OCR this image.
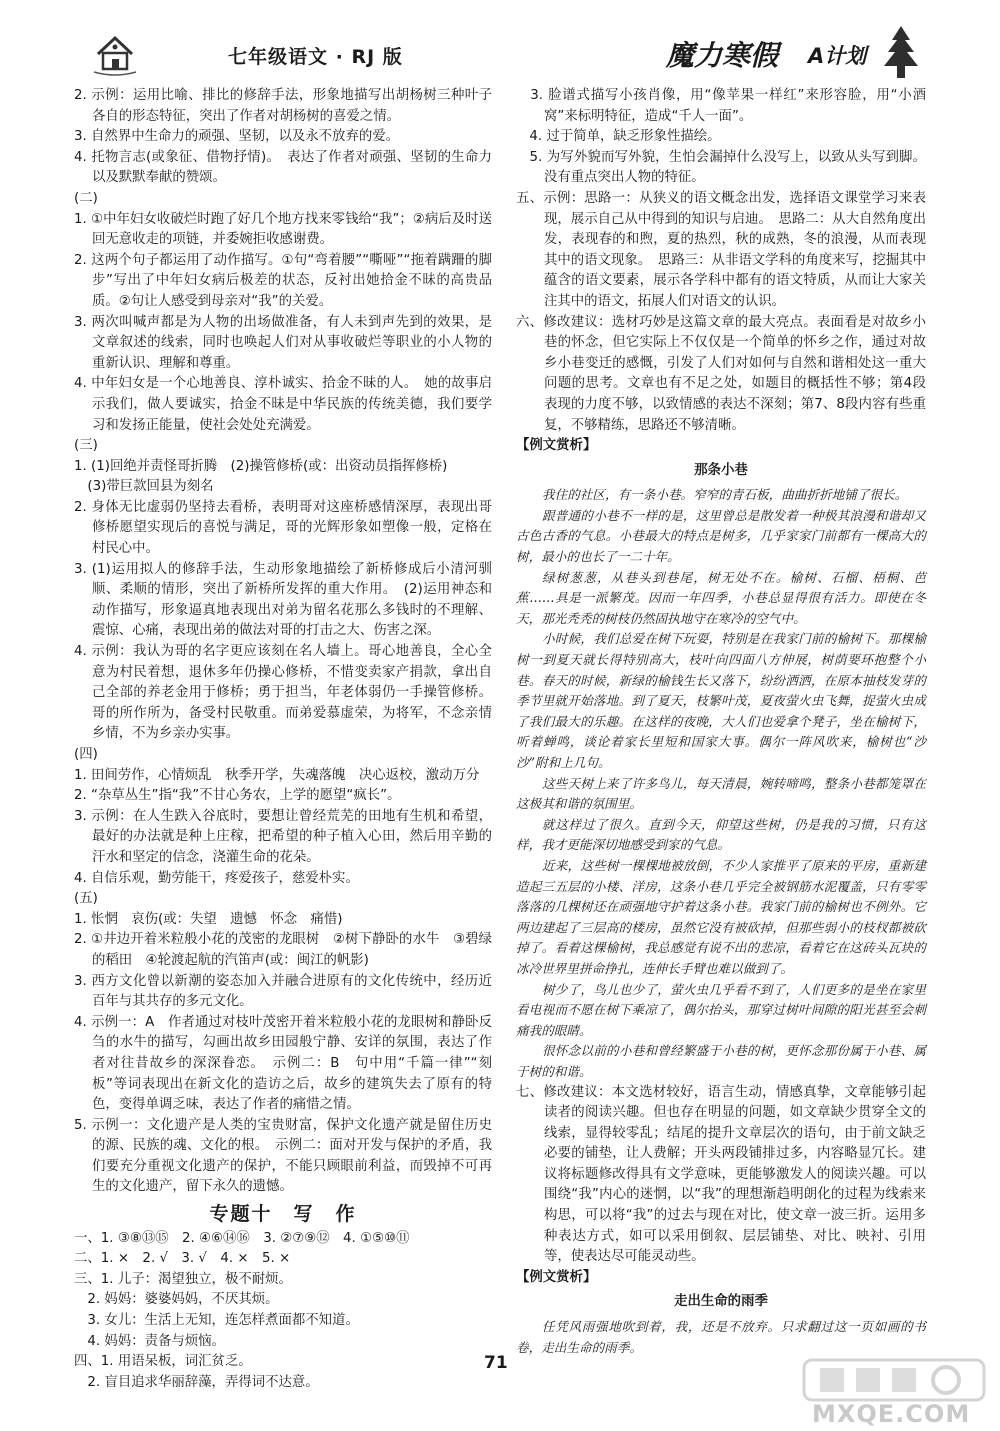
七年级语文 · RJ 版	魔力寒假 A计划
2. 示例：运用比喻、排比的修辞手法，形象地描写出胡杨树三种叶子各自的形态特征，突出了作者对胡杨树的喜爱之情。
3. 自然界中生命力的顽强、坚韧，以及永不放弃的爱。
4. 托物言志(或象征、借物抒情)。　表达了作者对顽强、坚韧的生命力以及默默奉献的赞颂。
(二)
1. ①中年妇女收破烂时跑了好几个地方找来零钱给“我”；②病后及时送回无意收走的项链，并委婉拒收感谢费。
2. 这两个句子都运用了动作描写。①句“弯着腰”“嘶哑”“拖着蹒跚的脚步”写出了中年妇女病后极差的状态，反衬出她拾金不昧的高贵品质。②句让人感受到母亲对“我”的关爱。
3. 两次叫喊声都是为人物的出场做准备，有人未到声先到的效果，是文章叙述的线索，同时也唤起人们对从事收破烂等职业的小人物的重新认识、理解和尊重。
4. 中年妇女是一个心地善良、淳朴诚实、拾金不昧的人。　她的故事启示我们，做人要诚实，拾金不昧是中华民族的传统美德，我们要学习和发扬正能量，使社会处处充满爱。
(三)
1. (1)回绝并责怪哥折腾　(2)操管修桥(或：出资动员指挥修桥)
　(3)带巨款回县为刻名
2. 身体无比虚弱仍坚持去看桥，表明哥对这座桥感情深厚，表现出哥修桥愿望实现后的喜悦与满足，哥的光辉形象如塑像一般，定格在村民心中。
3. (1)运用拟人的修辞手法，生动形象地描绘了新桥修成后小清河驯顺、柔顺的情形，突出了新桥所发挥的重大作用。　(2)运用神态和动作描写，形象逼真地表现出对弟为留名花那么多钱时的不理解、震惊、心痛，表现出弟的做法对哥的打击之大、伤害之深。
4. 示例：我认为哥的名字更应该刻在名人墙上。哥心地善良，全心全意为村民着想，退休多年仍操心修桥，不惜变卖家产捐款，拿出自己全部的养老金用于修桥；勇于担当，年老体弱仍一手操管修桥。哥的所作所为，备受村民敬重。而弟爱慕虚荣，为将军，不念亲情乡情，不为乡亲办实事。
(四)
1. 田间劳作，心情烦乱　秋季开学，失魂落魄　决心返校，激动万分
2. “杂草丛生”指“我”不甘心务农，上学的愿望“疯长”。
3. 示例：在人生跌入谷底时，要想让曾经荒芜的田地有生机和希望，最好的办法就是种上庄稼，把希望的种子植入心田，然后用辛勤的汗水和坚定的信念，浇灌生命的花朵。
4. 自信乐观，勤劳能干，疼爱孩子，慈爱朴实。
(五)
1. 怅惘　哀伤(或：失望　遗憾　怀念　痛惜)
2. ①井边开着米粒般小花的茂密的龙眼树　②树下静卧的水牛　③碧绿的稻田　④轮渡起航的汽笛声(或：闽江的帆影)
3. 西方文化曾以新潮的姿态加入并融合进原有的文化传统中，经历近百年与其共存的多元文化。
4. 示例一：A　作者通过对枝叶茂密开着米粒般小花的龙眼树和静卧反刍的水牛的描写，勾画出故乡田园般宁静、安详的氛围，表达了作者对往昔故乡的深深眷恋。　示例二：B　句中用“千篇一律”“刻板”等词表现出在新文化的造访之后，故乡的建筑失去了原有的特色，变得单调乏味，表达了作者的痛惜之情。
5. 示例一：文化遗产是人类的宝贵财富，保护文化遗产就是留住历史的源、民族的魂、文化的根。　示例二：面对开发与保护的矛盾，我们要充分重视文化遗产的保护，不能只顾眼前利益，而毁掉不可再生的文化遗产，留下永久的遗憾。
专题十　写　作
一、1. ③⑧⑬⑮　2. ④⑥⑭⑯　3. ②⑦⑨⑫　4. ①⑤⑩⑪
二、1. ×　2. √　3. √　4. ×　5. ×
三、1. 儿子：渴望独立，极不耐烦。
　2. 妈妈：婆婆妈妈，不厌其烦。
　3. 女儿：生活上无知，连怎样煮面都不知道。
　4. 妈妈：责备与烦恼。
四、1. 用语呆板，词汇贫乏。
　2. 盲目追求华丽辞藻，弄得词不达意。
　3. 脸谱式描写小孩肖像，用“像苹果一样红”来形容脸，用“小酒窝”来标明特征，造成“千人一面”。
　4. 过于简单，缺乏形象性描绘。
　5. 为写外貌而写外貌，生怕会漏掉什么没写上，以致从头写到脚。没有重点突出人物的特征。
五、示例：思路一：从狭义的语文概念出发，选择语文课堂学习来表现，展示自己从中得到的知识与启迪。　思路二：从大自然角度出发，表现春的和煦，夏的热烈，秋的成熟，冬的浪漫，从而表现其中的语文现象。　思路三：从非语文学科的角度来写，挖掘其中蕴含的语文要素，展示各学科中都有的语文特质，从而让大家关注其中的语文，拓展人们对语文的认识。
六、修改建议：选材巧妙是这篇文章的最大亮点。表面看是对故乡小巷的怀念，但它实际上不仅仅是一个简单的怀乡之作，通过对故乡小巷变迁的感慨，引发了人们对如何与自然和谐相处这一重大问题的思考。文章也有不足之处，如题目的概括性不够；第4段表现的力度不够，以致情感的表达不深刻；第7、8段内容有些重复，不够精练，思路还不够清晰。
【例文赏析】
那条小巷
我住的社区，有一条小巷。窄窄的青石板，曲曲折折地铺了很长。
跟普通的小巷不一样的是，这里曾总是散发着一种极其浪漫和谐却又古色古香的气息。小巷最大的特点是树多，几乎家家门前都有一棵高大的树，最小的也长了一二十年。
绿树葱葱，从巷头到巷尾，树无处不在。榆树、石榴、梧桐、芭蕉……具是一派繁茂。因而一年四季，小巷总显得很有活力。即使在冬天，那光秃秃的树枝仍然固执地守在寒冷的空气中。
小时候，我们总爱在树下玩耍，特别是在我家门前的榆树下。那棵榆树一到夏天就长得特别高大，枝叶向四面八方伸展，树荫要环抱整个小巷。春天的时候，新绿的榆钱生长又落下，纷纷洒洒，在原本抽枝发芽的季节里就开始落地。到了夏天，枝繁叶茂，夏夜萤火虫飞舞，捉萤火虫成了我们最大的乐趣。在这样的夜晚，大人们也爱拿个凳子，坐在榆树下，听着蝉鸣，谈论着家长里短和国家大事。偶尔一阵风吹来，榆树也“沙沙”附和上几句。
这些天树上来了许多鸟儿，每天清晨，婉转啼鸣，整条小巷都笼罩在这极其和谐的氛围里。
就这样过了很久。直到今天，仰望这些树，仍是我的习惯，只有这样，我才更能深切地感受到家的气息。
近来，这些树一棵棵地被放倒，不少人家推平了原来的平房，重新建造起三五层的小楼、洋房，这条小巷几乎完全被钢筋水泥覆盖，只有零零落落的几棵树还在顽强地守护着这条小巷。我家门前的榆树也不例外。它两边建起了三层高的楼房，虽然它没有被砍掉，但那些弱小的枝杈都被砍掉了。看着这棵榆树，我总感觉有说不出的悲凉，看着它在这砖头瓦块的冰冷世界里拼命挣扎，连伸长手臂也难以做到了。
树少了，鸟儿也少了，萤火虫几乎看不到了，人们更多的是坐在家里看电视而不愿在树下乘凉了，偶尔抬头，那穿过树叶间隙的阳光甚至会刺痛我的眼睛。
很怀念以前的小巷和曾经繁盛于小巷的树，更怀念那份属于小巷、属于树的和谐。
七、修改建议：本文选材较好，语言生动，情感真挚，文章能够引起读者的阅读兴趣。但也存在明显的问题，如文章缺少贯穿全文的线索，显得较零乱；结尾的提升文章层次的语句，由于前文缺乏必要的铺垫，让人费解；开头两段铺排过多，内容略显冗长。建议将标题修改得具有文学意味，更能够激发人的阅读兴趣。可以围绕“我”内心的迷惘，以“我”的理想渐趋明朗化的过程为线索来构思，可以将“我”的过去与现在对比，使文章一波三折。运用多种表达方式，如可以采用倒叙、层层铺垫、对比、映衬、引用等，使表达尽可能灵动些。
【例文赏析】
走出生命的雨季
任凭风雨强地吹到着，我，还是不放弃。只求翻过这一页如画的书卷，走出生命的雨季。
71
MXQE.COM
